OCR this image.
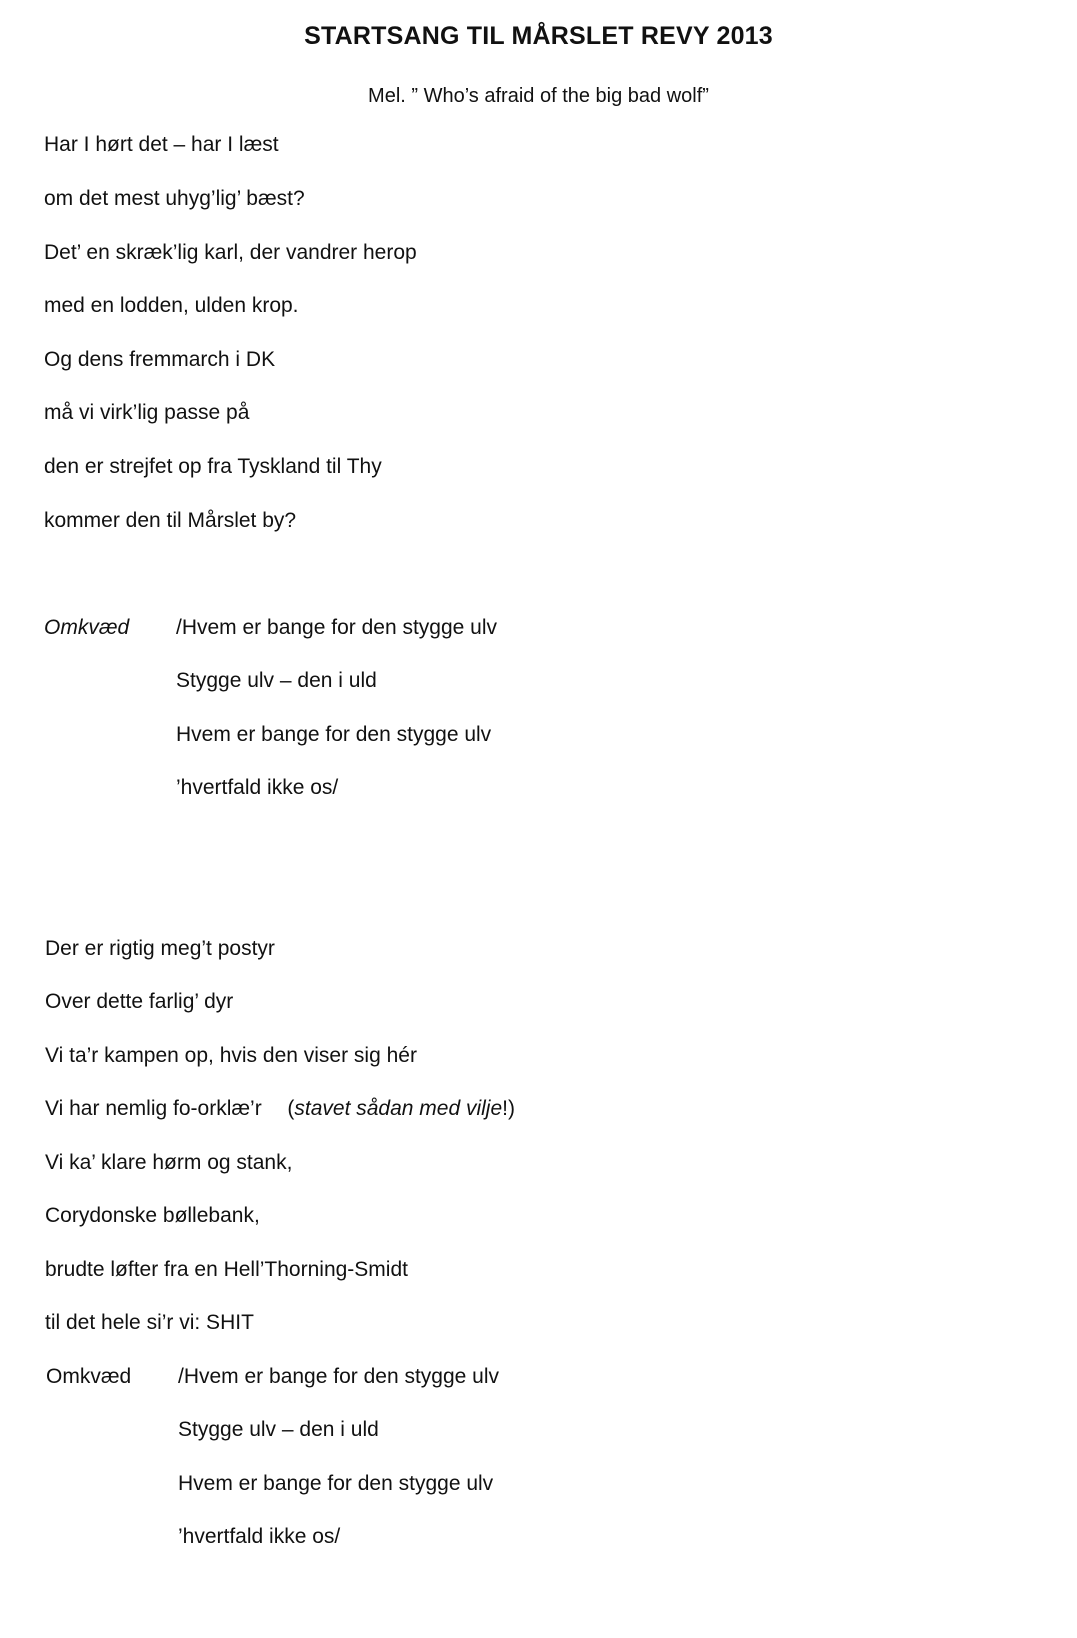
STARTSANG TIL MÅRSLET REVY 2013
Mel. ” Who’s afraid of the big bad wolf”
Har I hørt det – har I læst
om det mest uhyg’lig’ bæst?
Det’ en skræk’lig karl, der vandrer herop
med en lodden, ulden krop.
Og dens fremmarch i DK
må vi virk’lig passe på
den er strejfet op fra Tyskland til Thy
kommer den til Mårslet by?
Omkvæd /Hvem er bange for den stygge ulv
Stygge ulv – den i uld
Hvem er bange for den stygge ulv
’hvertfald ikke os/
Der er rigtig meg’t postyr
Over dette farlig’ dyr
Vi ta’r kampen op, hvis den viser sig hér
Vi har nemlig fo-orklæ’r (stavet sådan med vilje!)
Vi ka’ klare hørm og stank,
Corydonske bøllebank,
brudte løfter fra en Hell’Thorning-Smidt
til det hele si’r vi: SHIT
Omkvæd /Hvem er bange for den stygge ulv
Stygge ulv – den i uld
Hvem er bange for den stygge ulv
’hvertfald ikke os/
